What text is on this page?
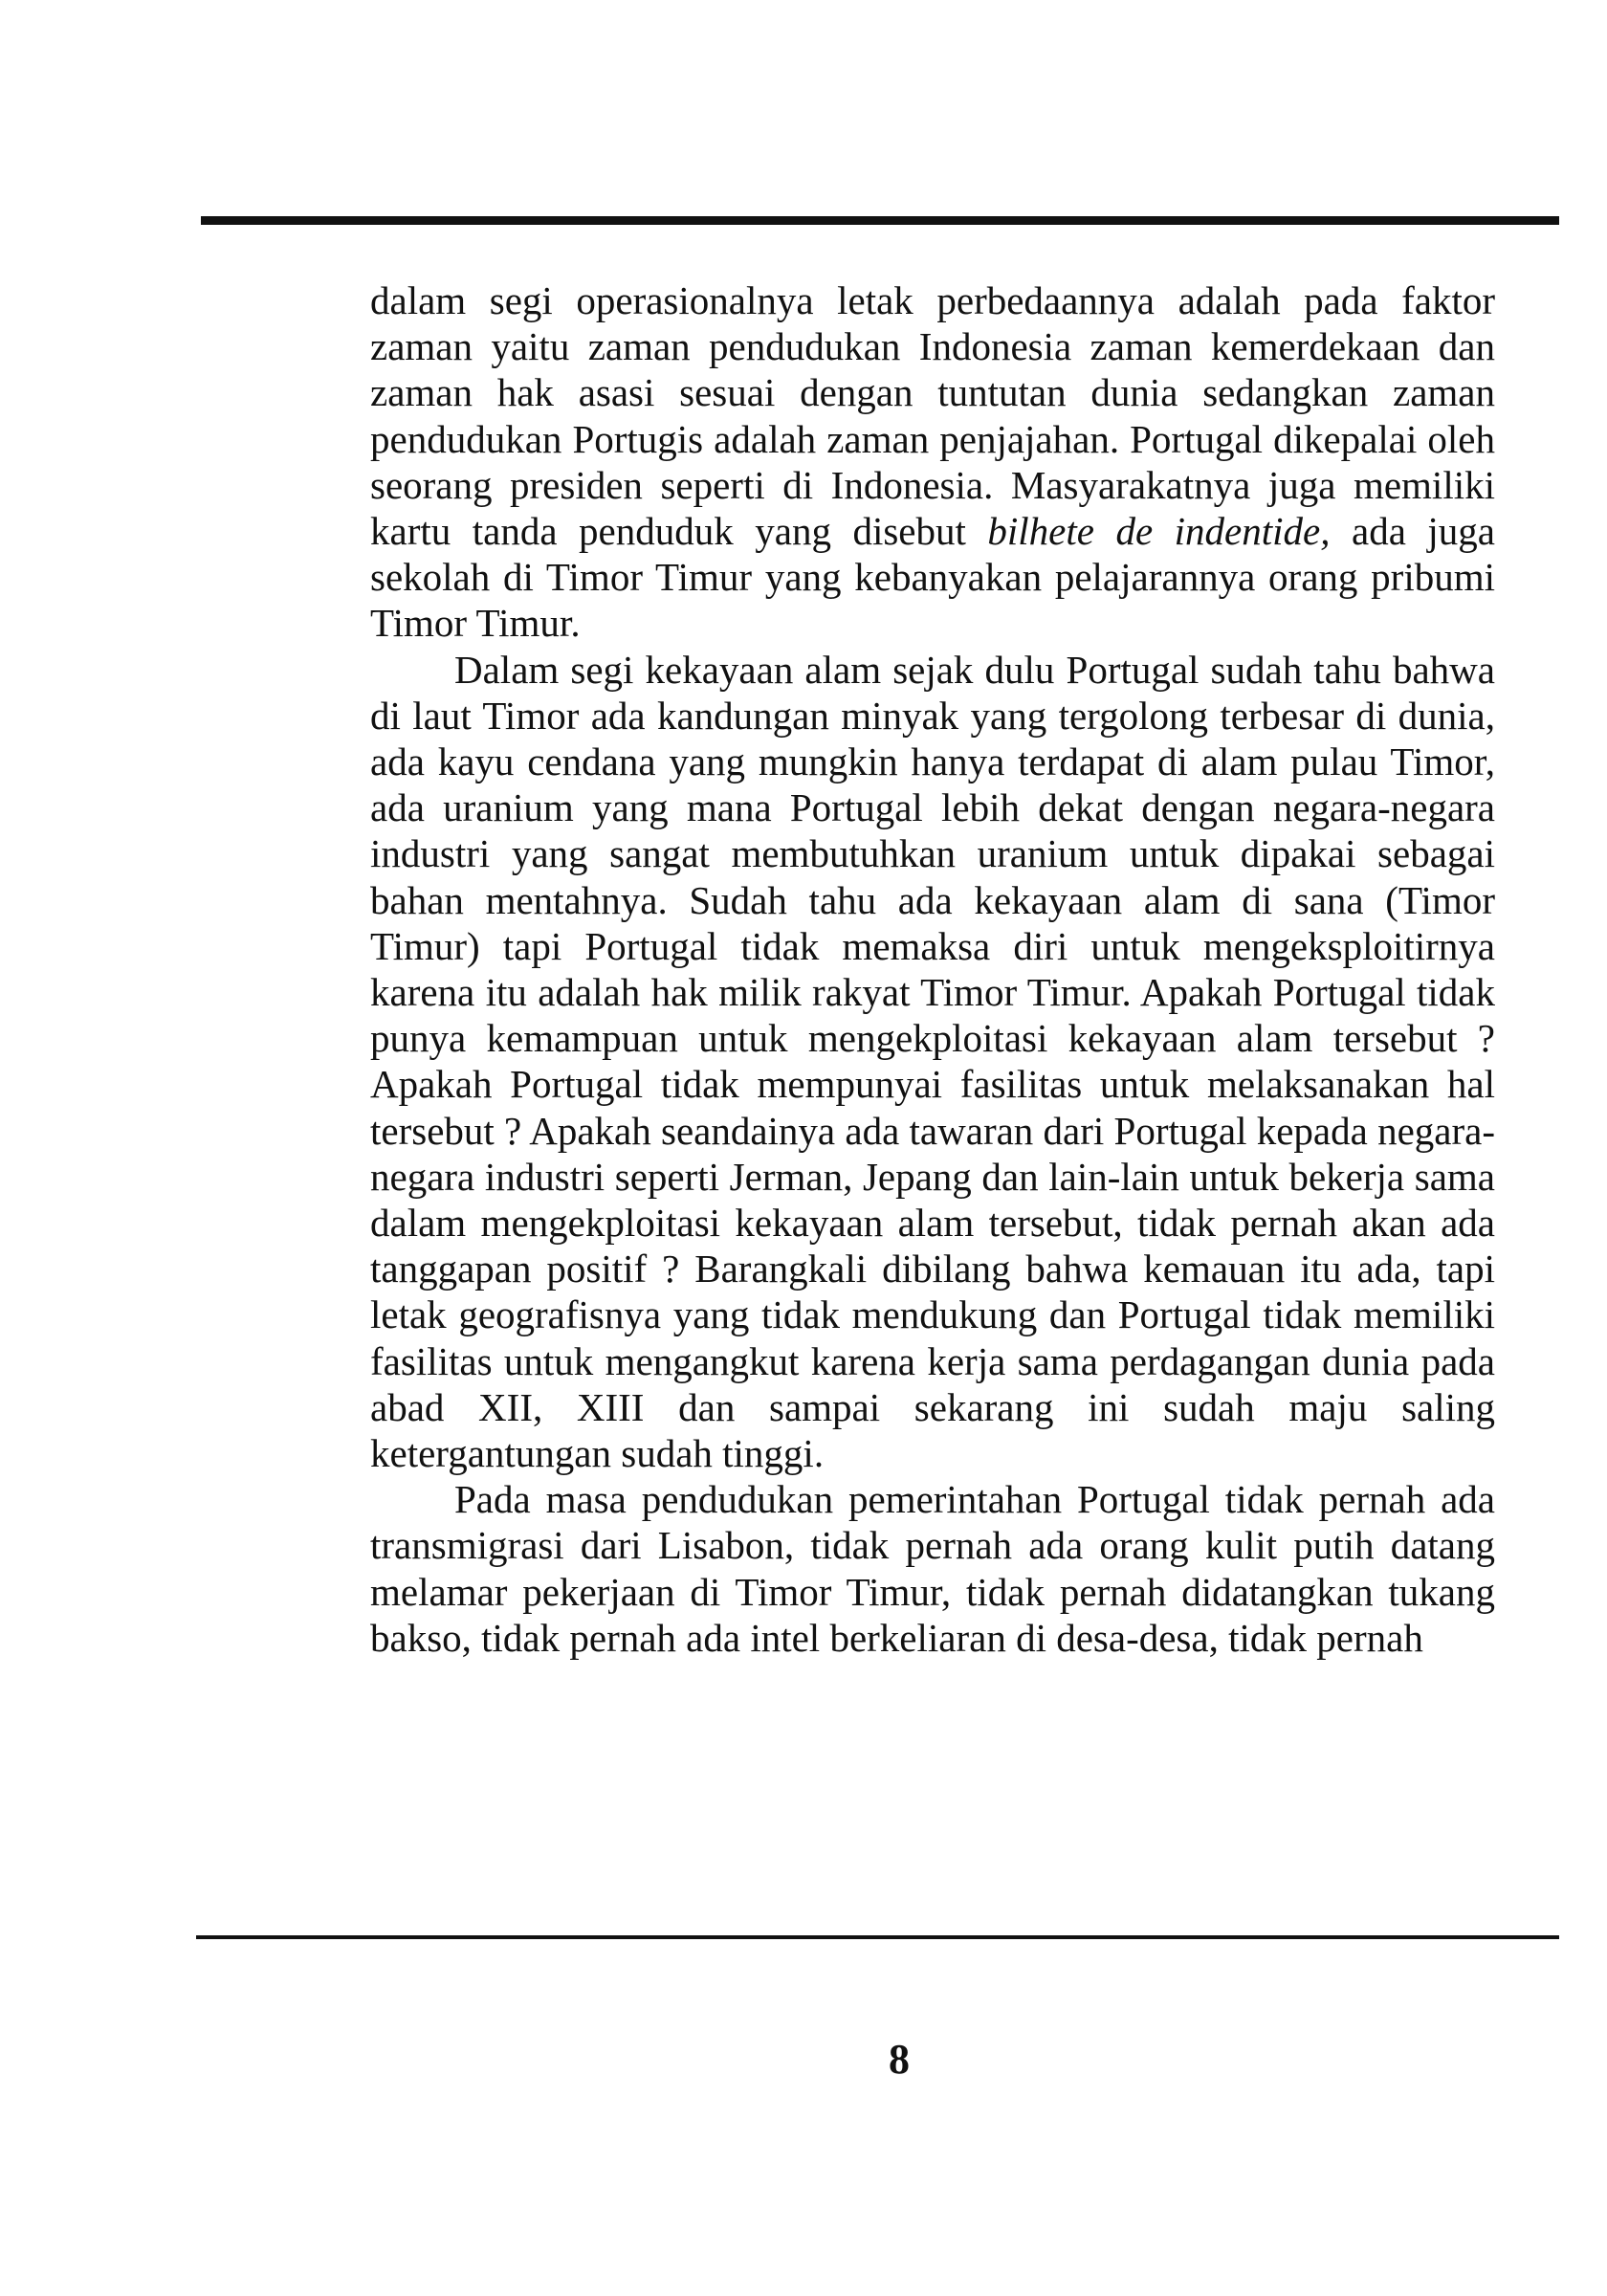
dalam segi operasionalnya letak perbedaannya adalah pada faktor zaman yaitu zaman pendudukan Indonesia zaman kemerdekaan dan zaman hak asasi sesuai dengan tuntutan dunia sedangkan zaman pendudukan Portugis adalah zaman penjajahan. Portugal dikepalai oleh seorang presiden seperti di Indonesia. Masyarakatnya juga memiliki kartu tanda penduduk yang disebut bilhete de indentide, ada juga sekolah di Timor Timur yang kebanyakan pelajarannya orang pribumi Timor Timur.

Dalam segi kekayaan alam sejak dulu Portugal sudah tahu bahwa di laut Timor ada kandungan minyak yang tergolong terbesar di dunia, ada kayu cendana yang mungkin hanya terdapat di alam pulau Timor, ada uranium yang mana Portugal lebih dekat dengan negara-negara industri yang sangat membutuhkan uranium untuk dipakai sebagai bahan mentahnya. Sudah tahu ada kekayaan alam di sana (Timor Timur) tapi Portugal tidak memaksa diri untuk mengeksploitirnya karena itu adalah hak milik rakyat Timor Timur. Apakah Portugal tidak punya kemampuan untuk mengekploitasi kekayaan alam tersebut ? Apakah Portugal tidak mempunyai fasilitas untuk melaksanakan hal tersebut ? Apakah seandainya ada tawaran dari Portugal kepada negara-negara industri seperti Jerman, Jepang dan lain-lain untuk bekerja sama dalam mengekploitasi kekayaan alam tersebut, tidak pernah akan ada tanggapan positif ? Barangkali dibilang bahwa kemauan itu ada, tapi letak geografisnya yang tidak mendukung dan Portugal tidak memiliki fasilitas untuk mengangkut karena kerja sama perdagangan dunia pada abad XII, XIII dan sampai sekarang ini sudah maju saling ketergantungan sudah tinggi.

Pada masa pendudukan pemerintahan Portugal tidak pernah ada transmigrasi dari Lisabon, tidak pernah ada orang kulit putih datang melamar pekerjaan di Timor Timur, tidak pernah didatangkan tukang bakso, tidak pernah ada intel berkeliaran di desa-desa, tidak pernah

8
